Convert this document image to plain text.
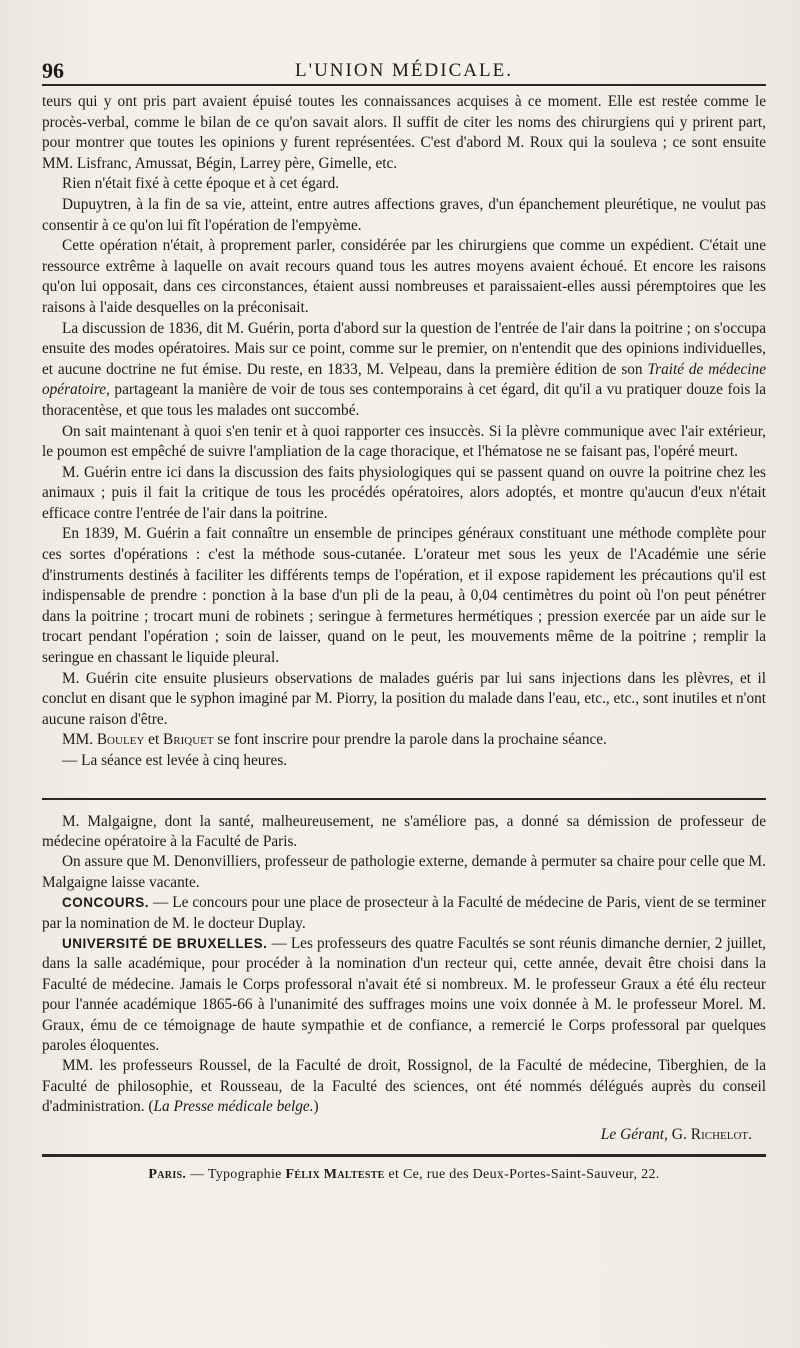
96	L'UNION MÉDICALE.

teurs qui y ont pris part avaient épuisé toutes les connaissances acquises à ce moment. Elle est restée comme le procès-verbal, comme le bilan de ce qu'on savait alors. Il suffit de citer les noms des chirurgiens qui y prirent part, pour montrer que toutes les opinions y furent représentées. C'est d'abord M. Roux qui la souleva ; ce sont ensuite MM. Lisfranc, Amussat, Bégin, Larrey père, Gimelle, etc.

Rien n'était fixé à cette époque et à cet égard.

Dupuytren, à la fin de sa vie, atteint, entre autres affections graves, d'un épanchement pleurétique, ne voulut pas consentir à ce qu'on lui fît l'opération de l'empyème.

Cette opération n'était, à proprement parler, considérée par les chirurgiens que comme un expédient. C'était une ressource extrême à laquelle on avait recours quand tous les autres moyens avaient échoué. Et encore les raisons qu'on lui opposait, dans ces circonstances, étaient aussi nombreuses et paraissaient-elles aussi péremptoires que les raisons à l'aide desquelles on la préconisait.

La discussion de 1836, dit M. Guérin, porta d'abord sur la question de l'entrée de l'air dans la poitrine ; on s'occupa ensuite des modes opératoires. Mais sur ce point, comme sur le premier, on n'entendit que des opinions individuelles, et aucune doctrine ne fut émise. Du reste, en 1833, M. Velpeau, dans la première édition de son Traité de médecine opératoire, partageant la manière de voir de tous ses contemporains à cet égard, dit qu'il a vu pratiquer douze fois la thoracentèse, et que tous les malades ont succombé.

On sait maintenant à quoi s'en tenir et à quoi rapporter ces insuccès. Si la plèvre communique avec l'air extérieur, le poumon est empêché de suivre l'ampliation de la cage thoracique, et l'hématose ne se faisant pas, l'opéré meurt.

M. Guérin entre ici dans la discussion des faits physiologiques qui se passent quand on ouvre la poitrine chez les animaux ; puis il fait la critique de tous les procédés opératoires, alors adoptés, et montre qu'aucun d'eux n'était efficace contre l'entrée de l'air dans la poitrine.

En 1839, M. Guérin a fait connaître un ensemble de principes généraux constituant une méthode complète pour ces sortes d'opérations : c'est la méthode sous-cutanée. L'orateur met sous les yeux de l'Académie une série d'instruments destinés à faciliter les différents temps de l'opération, et il expose rapidement les précautions qu'il est indispensable de prendre : ponction à la base d'un pli de la peau, à 0,04 centimètres du point où l'on peut pénétrer dans la poitrine ; trocart muni de robinets ; seringue à fermetures hermétiques ; pression exercée par un aide sur le trocart pendant l'opération ; soin de laisser, quand on le peut, les mouvements même de la poitrine ; remplir la seringue en chassant le liquide pleural.

M. Guérin cite ensuite plusieurs observations de malades guéris par lui sans injections dans les plèvres, et il conclut en disant que le syphon imaginé par M. Piorry, la position du malade dans l'eau, etc., etc., sont inutiles et n'ont aucune raison d'être.

MM. Bouley et Briquet se font inscrire pour prendre la parole dans la prochaine séance.

— La séance est levée à cinq heures.

M. Malgaigne, dont la santé, malheureusement, ne s'améliore pas, a donné sa démission de professeur de médecine opératoire à la Faculté de Paris.

On assure que M. Denonvilliers, professeur de pathologie externe, demande à permuter sa chaire pour celle que M. Malgaigne laisse vacante.

CONCOURS. — Le concours pour une place de prosecteur à la Faculté de médecine de Paris, vient de se terminer par la nomination de M. le docteur Duplay.

UNIVERSITÉ DE BRUXELLES. — Les professeurs des quatre Facultés se sont réunis dimanche dernier, 2 juillet, dans la salle académique, pour procéder à la nomination d'un recteur qui, cette année, devait être choisi dans la Faculté de médecine. Jamais le Corps professoral n'avait été si nombreux. M. le professeur Graux a été élu recteur pour l'année académique 1865-66 à l'unanimité des suffrages moins une voix donnée à M. le professeur Morel. M. Graux, ému de ce témoignage de haute sympathie et de confiance, a remercié le Corps professoral par quelques paroles éloquentes.

MM. les professeurs Roussel, de la Faculté de droit, Rossignol, de la Faculté de médecine, Tiberghien, de la Faculté de philosophie, et Rousseau, de la Faculté des sciences, ont été nommés délégués auprès du conseil d'administration. (La Presse médicale belge.)

Le Gérant, G. Richelot.
Paris. — Typographie Félix Malteste et Ce, rue des Deux-Portes-Saint-Sauveur, 22.
